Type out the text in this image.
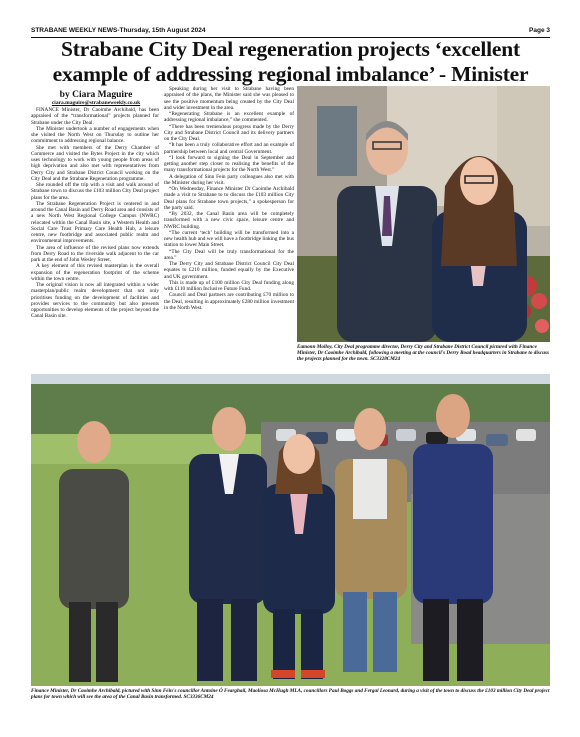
STRABANE WEEKLY NEWS-Thursday, 15th August 2024	Page 3
Strabane City Deal regeneration projects ‘excellent example of addressing regional imbalance’ - Minister
by Ciara Maguire
ciara.maguire@strabaneweekly.co.uk

FINANCE Minister, Dr Caoimhe Archibald, has been appraised of the “transformational” projects planned for Strabane under the City Deal.

The Minister undertook a number of engagements when she visited the North West on Thursday to outline her commitment to addressing regional balance.

She met with members of the Derry Chamber of Commerce and visited the Bytes Project in the city which uses technology to work with young people from areas of high deprivation and also met with representatives from Derry City and Strabane District Council working on the City Deal and the Strabane Regeneration programme.

She rounded off the trip with a visit and walk around of Strabane town to discuss the £103 million City Deal project plans for the area.

The Strabane Regeneration Project is centered in and around the Canal Basin and Derry Road area and consists of a new North West Regional College Campus (NWRC) relocated within the Canal Basin site, a Western Health and Social Care Trust Primary Care Health Hub, a leisure centre, new footbridge and associated public realm and environmental improvements.

The area of influence of the revised plans now extends from Derry Road to the riverside walk adjacent to the car park at the end of John Wesley Street.

A key element of this revised masterplan is the overall expansion of the regeneration footprint of the scheme within the town centre.

The original vision is now all integrated within a wider masterplan/public realm development that not only prioritises funding on the development of facilities and provides services to the community but also presents opportunities to develop elements of the project beyond the Canal Basin site.

Speaking during her visit to Strabane having been appraised of the plans, the Minister said she was pleased to see the positive momentum being created by the City Deal and wider investment in the area.

“Regenerating Strabane is an excellent example of addressing regional imbalance,” she commented.

“There has been tremendous progress made by the Derry City and Strabane District Council and its delivery partners on the City Deal.

“It has been a truly collaborative effort and an example of partnership between local and central Government.

“I look forward to signing the Deal in September and getting another step closer to realising the benefits of the many transformational projects for the North West.”

A delegation of Sinn Fein party colleagues also met with the Minister during her visit.

“On Wednesday, Finance Minister Dr Caoimhe Archibald made a visit to Strabane to to discuss the £103 million City Deal plans for Strabane town projects,” a spokesperson for the party said.

“By 2032, the Canal Basin area will be completely transformed with a new civic space, leisure centre and NWRC building.

“The current ‘tech’ building will be transformed into a new health hub and we will have a footbridge linking the bus station to lower Main Street.

“The City Deal will be truly transformational for the area.”

The Derry City and Strabane District Council City Deal equates to £210 million, funded equally by the Executive and UK government.

This is made up of £100 million City Deal funding along with £110 million Inclusive Future Fund.

Council and Deal partners are contributing £70 million to the Deal, resulting in approximately £280 million investment in the North West.

Eamonn Molloy, City Deal programme director, Derry City and Strabane District Council pictured with Finance Minister, Dr Caoimhe Archibald, following a meeting at the council's Derry Road headquarters in Strabane to discuss the projects planned for the town. SC3328CM24
Finance Minister, Dr Caoimhe Archibald, pictured with Sinn Féin's councillor Antoine Ó Fearghail, Maolíosa McHugh MLA, councillors Paul Boggs and Fergal Leonard, during a visit of the town to discuss the £103 million City Deal project plans for town which will see the area of the Canal Basin transformed. SC3336CM24
